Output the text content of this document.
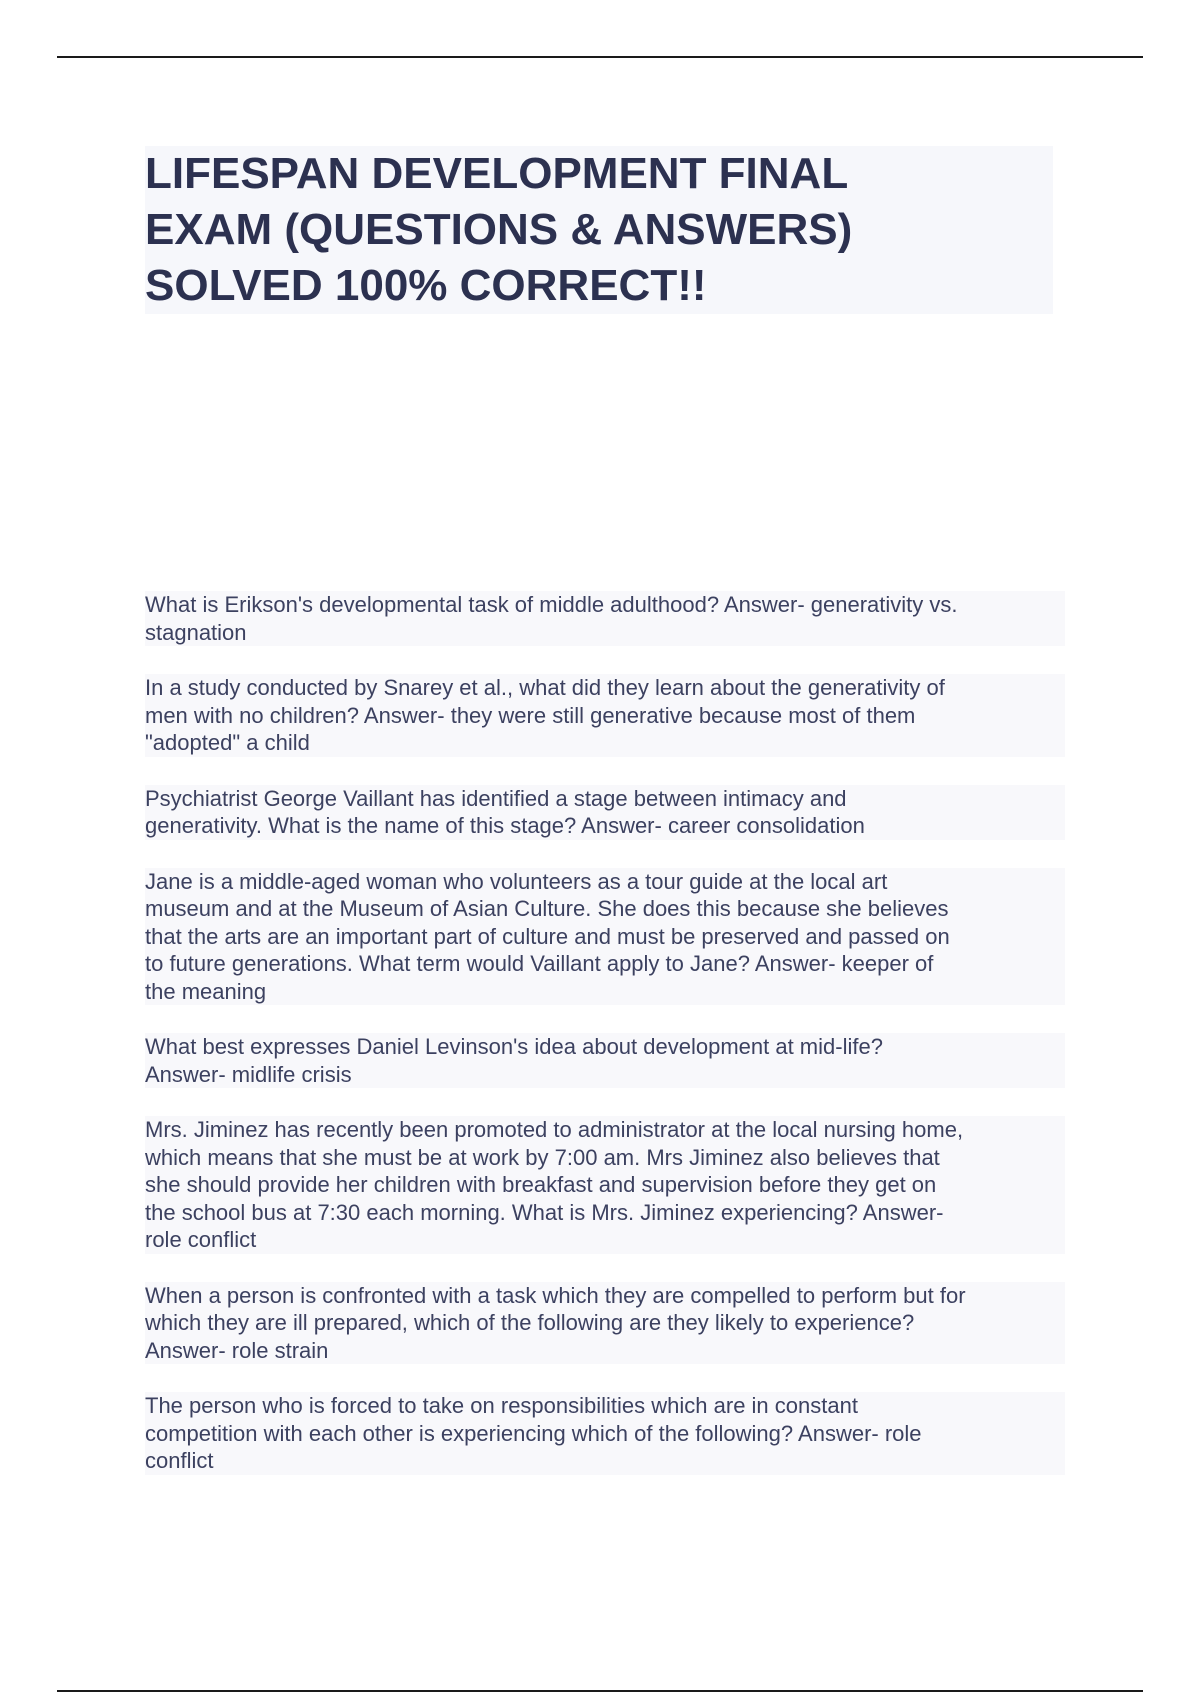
LIFESPAN DEVELOPMENT FINAL
EXAM (QUESTIONS & ANSWERS)
SOLVED 100% CORRECT!!
What is Erikson's developmental task of middle adulthood? Answer- generativity vs.
stagnation
In a study conducted by Snarey et al., what did they learn about the generativity of
men with no children? Answer- they were still generative because most of them
"adopted" a child
Psychiatrist George Vaillant has identified a stage between intimacy and
generativity. What is the name of this stage? Answer- career consolidation
Jane is a middle-aged woman who volunteers as a tour guide at the local art
museum and at the Museum of Asian Culture. She does this because she believes
that the arts are an important part of culture and must be preserved and passed on
to future generations. What term would Vaillant apply to Jane? Answer- keeper of
the meaning
What best expresses Daniel Levinson's idea about development at mid-life?
Answer- midlife crisis
Mrs. Jiminez has recently been promoted to administrator at the local nursing home,
which means that she must be at work by 7:00 am. Mrs Jiminez also believes that
she should provide her children with breakfast and supervision before they get on
the school bus at 7:30 each morning. What is Mrs. Jiminez experiencing? Answer-
role conflict
When a person is confronted with a task which they are compelled to perform but for
which they are ill prepared, which of the following are they likely to experience?
Answer- role strain
The person who is forced to take on responsibilities which are in constant
competition with each other is experiencing which of the following? Answer- role
conflict
